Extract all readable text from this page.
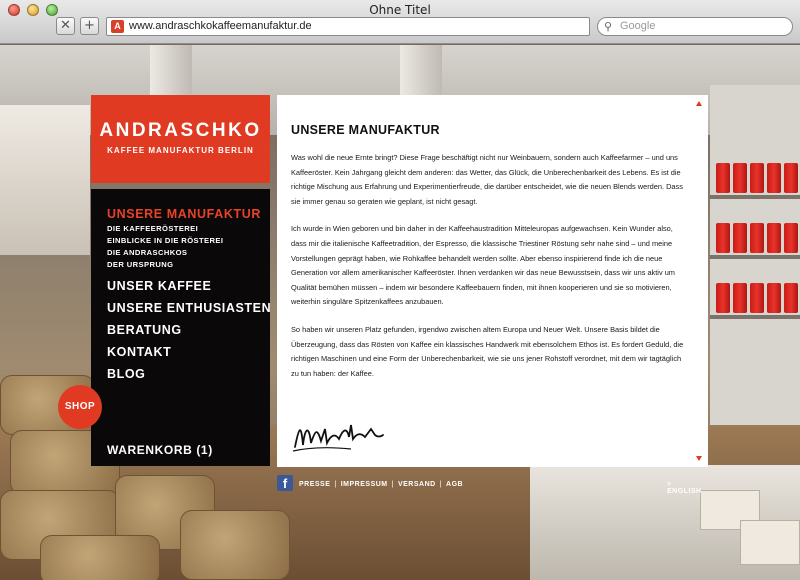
Ohne Titel
✕	+	A www.andraschkokaffeemanufaktur.de	⚲ Google
ANDRASCHKO
KAFFEE MANUFAKTUR BERLIN
UNSERE MANUFAKTUR
DIE KAFFEERÖSTEREI
EINBLICKE IN DIE RÖSTEREI
DIE ANDRASCHKOS
DER URSPRUNG
UNSER KAFFEE
UNSERE ENTHUSIASTEN
BERATUNG
KONTAKT
BLOG
WARENKORB (1)
SHOP
UNSERE MANUFAKTUR

Was wohl die neue Ernte bringt? Diese Frage beschäftigt nicht nur Weinbauern, sondern auch Kaffeefarmer – und uns Kaffeeröster. Kein Jahrgang gleicht dem anderen: das Wetter, das Glück, die Unberechenbarkeit des Lebens. Es ist die richtige Mischung aus Erfahrung und Experimentierfreude, die darüber entscheidet, wie die neuen Blends werden. Dass sie immer genau so geraten wie geplant, ist nicht gesagt.

Ich wurde in Wien geboren und bin daher in der Kaffeehaustradition Mitteleuropas aufgewachsen. Kein Wunder also, dass mir die italienische Kaffeetradition, der Espresso, die klassische Triestiner Röstung sehr nahe sind – und meine Vorstellungen geprägt haben, wie Rohkaffee behandelt werden sollte. Aber ebenso inspirierend finde ich die neue Generation vor allem amerikanischer Kaffeeröster. Ihnen verdanken wir das neue Bewusstsein, dass wir uns aktiv um Qualität bemühen müssen – indem wir besondere Kaffeebauern finden, mit ihnen kooperieren und sie so motivieren, weiterhin singuläre Spitzenkaffees anzubauen.

So haben wir unseren Platz gefunden, irgendwo zwischen altem Europa und Neuer Welt. Unsere Basis bildet die Überzeugung, dass das Rösten von Kaffee ein klassisches Handwerk mit ebensolchem Ethos ist. Es fordert Geduld, die richtigen Maschinen und eine Form der Unberechenbarkeit, wie sie uns jener Rohstoff verordnet, mit dem wir tagtäglich zu tun haben: der Kaffee.

f	PRESSE | IMPRESSUM | VERSAND | AGB	> ENGLISH
